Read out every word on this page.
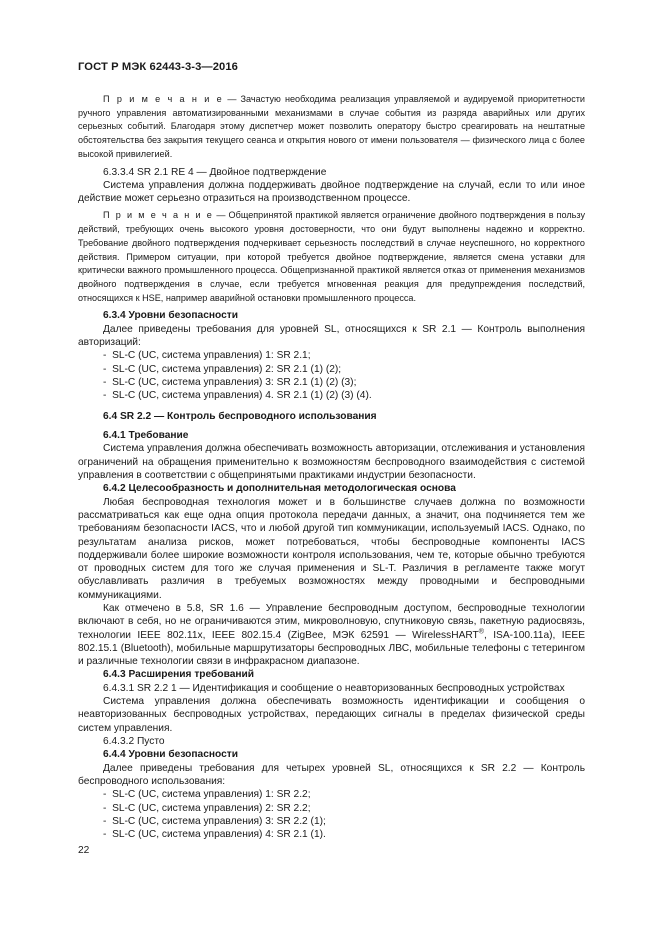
ГОСТ Р МЭК 62443-3-3—2016

П р и м е ч а н и е — Зачастую необходима реализация управляемой и аудируемой приоритетности ручного управления автоматизированными механизмами в случае события из разряда аварийных или других серьезных событий. Благодаря этому диспетчер может позволить оператору быстро среагировать на нештатные обстоятельства без закрытия текущего сеанса и открытия нового от имени пользователя — физического лица с более высокой привилегией.

6.3.3.4 SR 2.1 RE 4 — Двойное подтверждение

Система управления должна поддерживать двойное подтверждение на случай, если то или иное действие может серьезно отразиться на производственном процессе.

П р и м е ч а н и е — Общепринятой практикой является ограничение двойного подтверждения в пользу действий, требующих очень высокого уровня достоверности, что они будут выполнены надежно и корректно. Требование двойного подтверждения подчеркивает серьезность последствий в случае неуспешного, но корректного действия. Примером ситуации, при которой требуется двойное подтверждение, является смена уставки для критически важного промышленного процесса. Общепризнанной практикой является отказ от применения механизмов двойного подтверждения в случае, если требуется мгновенная реакция для предупреждения последствий, относящихся к HSE, например аварийной остановки промышленного процесса.

6.3.4 Уровни безопасности

Далее приведены требования для уровней SL, относящихся к SR 2.1 — Контроль выполнения авторизаций:

-  SL-C (UC, система управления) 1: SR 2.1;

-  SL-C (UC, система управления) 2: SR 2.1 (1) (2);

-  SL-C (UC, система управления) 3: SR 2.1 (1) (2) (3);

-  SL-C (UC, система управления) 4. SR 2.1 (1) (2) (3) (4).

6.4 SR 2.2 — Контроль беспроводного использования

6.4.1 Требование

Система управления должна обеспечивать возможность авторизации, отслеживания и установления ограничений на обращения применительно к возможностям беспроводного взаимодействия с системой управления в соответствии с общепринятыми практиками индустрии безопасности.

6.4.2 Целесообразность и дополнительная методологическая основа

Любая беспроводная технология может и в большинстве случаев должна по возможности рассматриваться как еще одна опция протокола передачи данных, а значит, она подчиняется тем же требованиям безопасности IACS, что и любой другой тип коммуникации, используемый IACS. Однако, по результатам анализа рисков, может потребоваться, чтобы беспроводные компоненты IACS поддерживали более широкие возможности контроля использования, чем те, которые обычно требуются от проводных систем для того же случая применения и SL-T. Различия в регламенте также могут обуславливать различия в требуемых возможностях между проводными и беспроводными коммуникациями.

Как отмечено в 5.8, SR 1.6 — Управление беспроводным доступом, беспроводные технологии включают в себя, но не ограничиваются этим, микроволновую, спутниковую связь, пакетную радиосвязь, технологии IEEE 802.11x, IEEE 802.15.4 (ZigBee, МЭК 62591 — WirelessHART®, ISA-100.11a), IEEE 802.15.1 (Bluetooth), мобильные маршрутизаторы беспроводных ЛВС, мобильные телефоны с тетерингом и различные технологии связи в инфракрасном диапазоне.

6.4.3 Расширения требований

6.4.3.1 SR 2.2 1 — Идентификация и сообщение о неавторизованных беспроводных устройствах

Система управления должна обеспечивать возможность идентификации и сообщения о неавторизованных беспроводных устройствах, передающих сигналы в пределах физической среды систем управления.

6.4.3.2 Пусто

6.4.4 Уровни безопасности

Далее приведены требования для четырех уровней SL, относящихся к SR 2.2 — Контроль беспроводного использования:

-  SL-C (UC, система управления) 1: SR 2.2;

-  SL-C (UC, система управления) 2: SR 2.2;

-  SL-C (UC, система управления) 3: SR 2.2 (1);

-  SL-C (UC, система управления) 4: SR 2.1 (1).

22
